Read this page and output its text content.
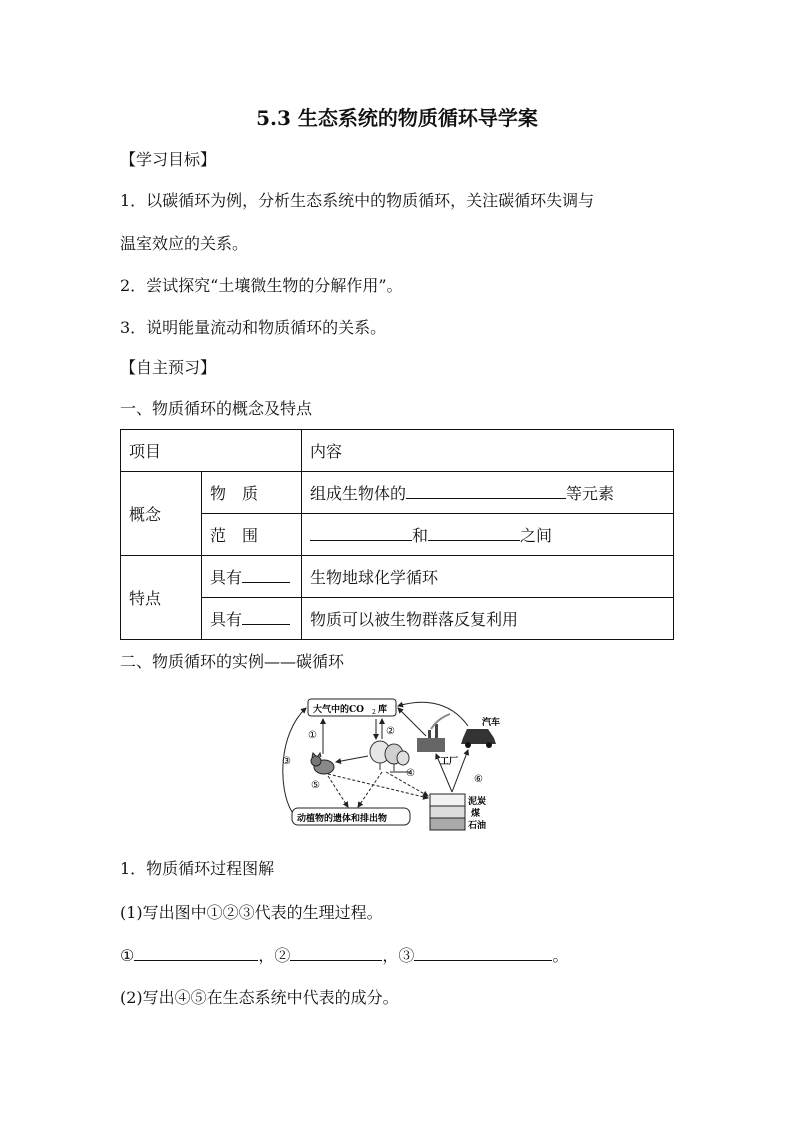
5.3 生态系统的物质循环导学案
【学习目标】
1．以碳循环为例，分析生态系统中的物质循环，关注碳循环失调与
温室效应的关系。
2．尝试探究“土壤微生物的分解作用”。
3．说明能量流动和物质循环的关系。
【自主预习】
一、物质循环的概念及特点
项目		内容
概念	物　质	组成生物体的 等元素
	范　围	和 之间
特点	具有	生物地球化学循环
	具有	物质可以被生物群落反复利用
二、物质循环的实例——碳循环
大气中的CO 2 库
汽车
工厂
泥炭
煤
石油
动植物的遗体和排出物
①	②
③
④
⑤
⑥
1．物质循环过程图解
(1)写出图中①②③代表的生理过程。
①	，②	，③	。
(2)写出④⑤在生态系统中代表的成分。
